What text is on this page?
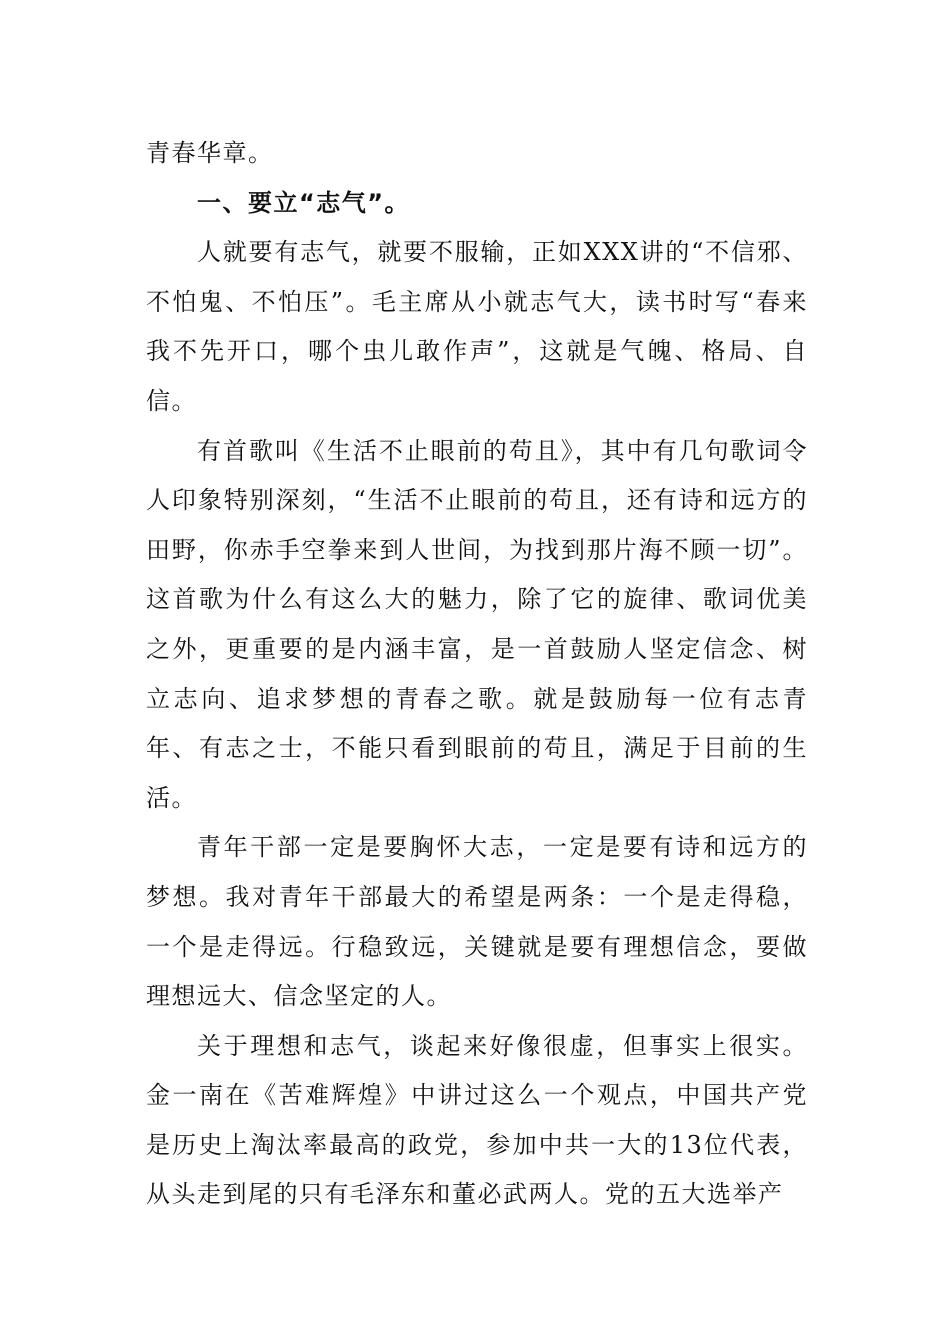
青春华章。

一、要立“志气”。

人就要有志气，就要不服输，正如XXX讲的“不信邪、不怕鬼、不怕压”。毛主席从小就志气大，读书时写“春来我不先开口，哪个虫儿敢作声”，这就是气魄、格局、自信。

有首歌叫《生活不止眼前的苟且》，其中有几句歌词令人印象特别深刻，“生活不止眼前的苟且，还有诗和远方的田野，你赤手空拳来到人世间，为找到那片海不顾一切”。这首歌为什么有这么大的魅力，除了它的旋律、歌词优美之外，更重要的是内涵丰富，是一首鼓励人坚定信念、树立志向、追求梦想的青春之歌。就是鼓励每一位有志青年、有志之士，不能只看到眼前的苟且，满足于目前的生活。

青年干部一定是要胸怀大志，一定是要有诗和远方的梦想。我对青年干部最大的希望是两条：一个是走得稳，一个是走得远。行稳致远，关键就是要有理想信念，要做理想远大、信念坚定的人。

关于理想和志气，谈起来好像很虚，但事实上很实。金一南在《苦难辉煌》中讲过这么一个观点，中国共产党是历史上淘汰率最高的政党，参加中共一大的13位代表，从头走到尾的只有毛泽东和董必武两人。党的五大选举产
